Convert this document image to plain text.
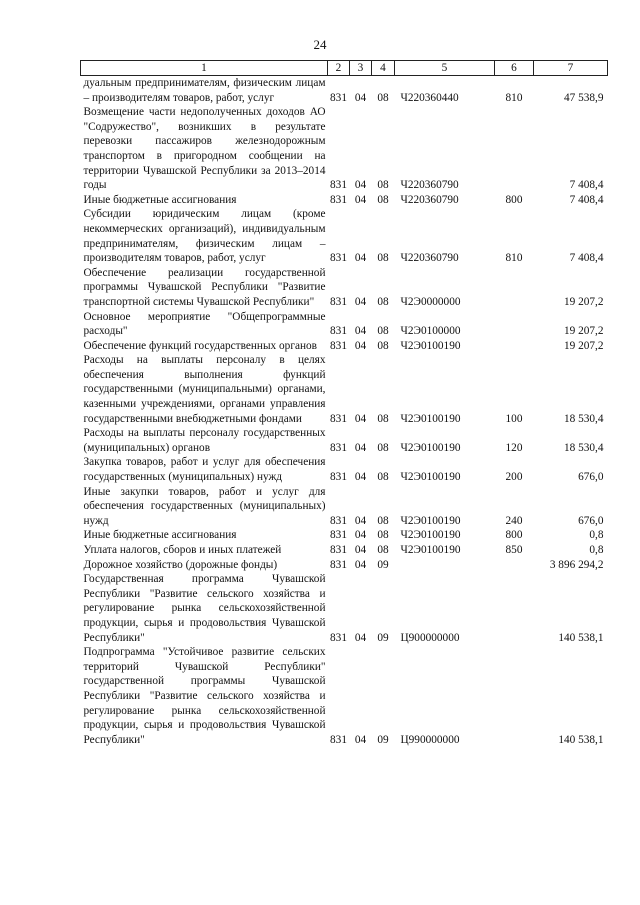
24
1	2	3	4	5	6	7
дуальным предпринимателям, физическим лицам – производителям товаров, работ, услуг	831	04	08	Ч220360440	810	47 538,9
Возмещение части недополученных доходов АО "Содружество", возникших в результате перевозки пассажиров железнодорожным транспортом в пригородном сообщении на территории Чувашской Республики за 2013–2014 годы	831	04	08	Ч220360790		7 408,4
Иные бюджетные ассигнования	831	04	08	Ч220360790	800	7 408,4
Субсидии юридическим лицам (кроме некоммерческих организаций), индивидуальным предпринимателям, физическим лицам – производителям товаров, работ, услуг	831	04	08	Ч220360790	810	7 408,4
Обеспечение реализации государственной программы Чувашской Республики "Развитие транспортной системы Чувашской Республики"	831	04	08	Ч2Э0000000		19 207,2
Основное мероприятие "Общепрограммные расходы"	831	04	08	Ч2Э0100000		19 207,2
Обеспечение функций государственных органов	831	04	08	Ч2Э0100190		19 207,2
Расходы на выплаты персоналу в целях обеспечения выполнения функций государственными (муниципальными) органами, казенными учреждениями, органами управления государственными внебюджетными фондами	831	04	08	Ч2Э0100190	100	18 530,4
Расходы на выплаты персоналу государственных (муниципальных) органов	831	04	08	Ч2Э0100190	120	18 530,4
Закупка товаров, работ и услуг для обеспечения государственных (муниципальных) нужд	831	04	08	Ч2Э0100190	200	676,0
Иные закупки товаров, работ и услуг для обеспечения государственных (муниципальных) нужд	831	04	08	Ч2Э0100190	240	676,0
Иные бюджетные ассигнования	831	04	08	Ч2Э0100190	800	0,8
Уплата налогов, сборов и иных платежей	831	04	08	Ч2Э0100190	850	0,8
Дорожное хозяйство (дорожные фонды)	831	04	09			3 896 294,2
Государственная программа Чувашской Республики "Развитие сельского хозяйства и регулирование рынка сельскохозяйственной продукции, сырья и продовольствия Чувашской Республики"	831	04	09	Ц900000000		140 538,1
Подпрограмма "Устойчивое развитие сельских территорий Чувашской Республики" государственной программы Чувашской Республики "Развитие сельского хозяйства и регулирование рынка сельскохозяйственной продукции, сырья и продовольствия Чувашской Республики"	831	04	09	Ц990000000		140 538,1
